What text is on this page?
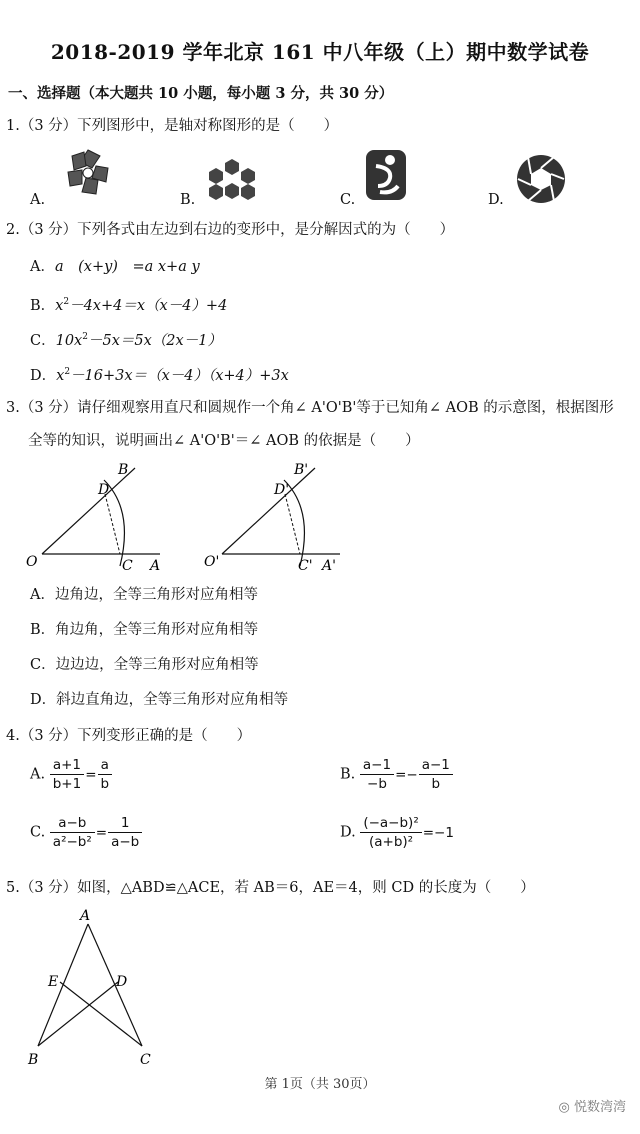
2018-2019 学年北京 161 中八年级（上）期中数学试卷
一、选择题（本大题共 10 小题，每小题 3 分，共 30 分）
1.（3 分）下列图形中，是轴对称图形的是（　　）
A.	B.	C.	D.
2.（3 分）下列各式由左边到右边的变形中，是分解因式的为（　　）
A．a　(x+y)　=a x+a y
B．$x^2-4x+4=x(x-4)+4$
C．$10x^2-5x=5x(2x-1)$
D．$x^2-16+3x=(x-4)(x+4)+3x$
3.（3 分）请仔细观察用直尺和圆规作一个角∠ A'O'B'等于已知角∠ AOB 的示意图，根据图形
全等的知识，说明画出∠ A'O'B'＝∠ AOB 的依据是（　　）
O	A
B
C
D
O'	A'
B'
C'
D'
A．边角边，全等三角形对应角相等
B．角边角，全等三角形对应角相等
C．边边边，全等三角形对应角相等
D．斜边直角边，全等三角形对应角相等
4.（3 分）下列变形正确的是（　　）
A. $\frac{a+1}{b+1} = \frac{a}{b}$	B. $\frac{a-1}{-b} =- \frac{a-1}{b}$
C. $\frac{a-b}{\text{a²−b²}} = \frac{1}{a-b}$	D. $\frac{\text{(−a−b)²}}{\text{(a+b)²}} =-1$
5.（3 分）如图，△ABD≌△ACE，若 AB＝6，AE＝4，则 CD 的长度为（　　）
A
B	C
D
E
第 1页（共 30页）
◎ 悦数湾湾
